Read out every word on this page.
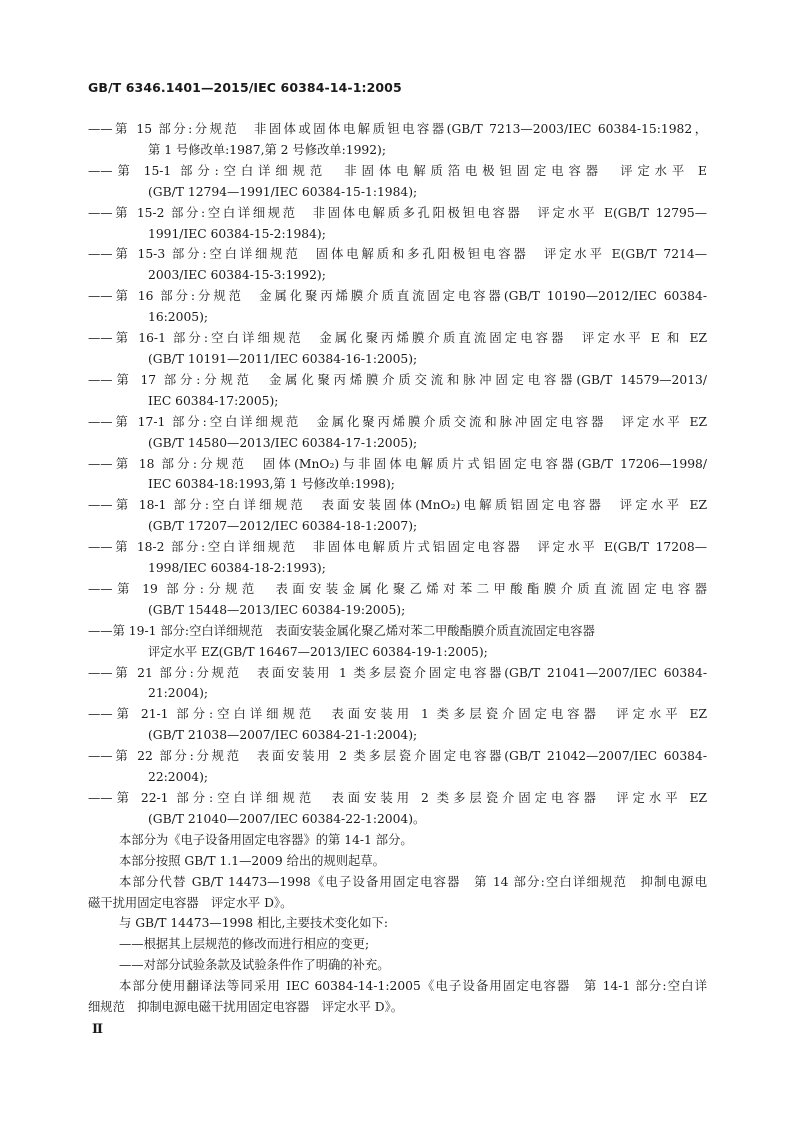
GB/T 6346.1401—2015/IEC 60384-14-1:2005
——第 15 部分:分规范　非固体或固体电解质钽电容器(GB/T 7213—2003/IEC 60384-15:1982，
第 1 号修改单:1987,第 2 号修改单:1992);
——第 15-1 部分:空白详细规范　非固体电解质箔电极钽固定电容器　评定水平 E
(GB/T 12794—1991/IEC 60384-15-1:1984);
——第 15-2 部分:空白详细规范　非固体电解质多孔阳极钽电容器　评定水平 E(GB/T 12795—
1991/IEC 60384-15-2:1984);
——第 15-3 部分:空白详细规范　固体电解质和多孔阳极钽电容器　评定水平 E(GB/T 7214—
2003/IEC 60384-15-3:1992);
——第 16 部分:分规范　金属化聚丙烯膜介质直流固定电容器(GB/T 10190—2012/IEC 60384-
16:2005);
——第 16-1 部分:空白详细规范　金属化聚丙烯膜介质直流固定电容器　评定水平 E 和 EZ
(GB/T 10191—2011/IEC 60384-16-1:2005);
——第 17 部分:分规范　金属化聚丙烯膜介质交流和脉冲固定电容器(GB/T 14579—2013/
IEC 60384-17:2005);
——第 17-1 部分:空白详细规范　金属化聚丙烯膜介质交流和脉冲固定电容器　评定水平 EZ
(GB/T 14580—2013/IEC 60384-17-1:2005);
——第 18 部分:分规范　固体(MnO₂)与非固体电解质片式铝固定电容器(GB/T 17206—1998/
IEC 60384-18:1993,第 1 号修改单:1998);
——第 18-1 部分:空白详细规范　表面安装固体(MnO₂)电解质铝固定电容器　评定水平 EZ
(GB/T 17207—2012/IEC 60384-18-1:2007);
——第 18-2 部分:空白详细规范　非固体电解质片式铝固定电容器　评定水平 E(GB/T 17208—
1998/IEC 60384-18-2:1993);
——第 19 部分:分规范　表面安装金属化聚乙烯对苯二甲酸酯膜介质直流固定电容器
(GB/T 15448—2013/IEC 60384-19:2005);
——第 19-1 部分:空白详细规范　表面安装金属化聚乙烯对苯二甲酸酯膜介质直流固定电容器
评定水平 EZ(GB/T 16467—2013/IEC 60384-19-1:2005);
——第 21 部分:分规范　表面安装用 1 类多层瓷介固定电容器(GB/T 21041—2007/IEC 60384-
21:2004);
——第 21-1 部分:空白详细规范　表面安装用 1 类多层瓷介固定电容器　评定水平 EZ
(GB/T 21038—2007/IEC 60384-21-1:2004);
——第 22 部分:分规范　表面安装用 2 类多层瓷介固定电容器(GB/T 21042—2007/IEC 60384-
22:2004);
——第 22-1 部分:空白详细规范　表面安装用 2 类多层瓷介固定电容器　评定水平 EZ
(GB/T 21040—2007/IEC 60384-22-1:2004)。

本部分为《电子设备用固定电容器》的第 14-1 部分。

本部分按照 GB/T 1.1—2009 给出的规则起草。

本部分代替 GB/T 14473—1998《电子设备用固定电容器　第 14 部分:空白详细规范　抑制电源电
磁干扰用固定电容器　评定水平 D》。

与 GB/T 14473—1998 相比,主要技术变化如下:

——根据其上层规范的修改而进行相应的变更;

——对部分试验条款及试验条件作了明确的补充。

本部分使用翻译法等同采用 IEC 60384-14-1:2005《电子设备用固定电容器　第 14-1 部分:空白详
细规范　抑制电源电磁干扰用固定电容器　评定水平 D》。
Ⅱ
